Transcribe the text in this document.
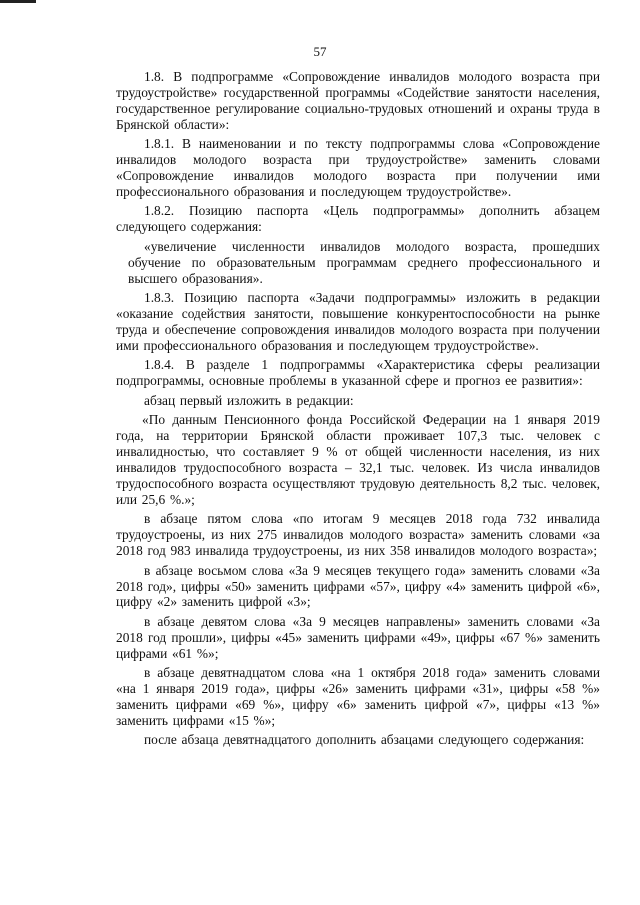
57

1.8. В подпрограмме «Сопровождение инвалидов молодого возраста при трудоустройстве» государственной программы «Содействие занятости населения, государственное регулирование социально-трудовых отношений и охраны труда в Брянской области»:

1.8.1. В наименовании и по тексту подпрограммы слова «Сопровождение инвалидов молодого возраста при трудоустройстве» заменить словами «Сопровождение инвалидов молодого возраста при получении ими профессионального образования и последующем трудоустройстве».

1.8.2. Позицию паспорта «Цель подпрограммы» дополнить абзацем следующего содержания:

«увеличение численности инвалидов молодого возраста, прошедших обучение по образовательным программам среднего профессионального и высшего образования».

1.8.3. Позицию паспорта «Задачи подпрограммы» изложить в редакции «оказание содействия занятости, повышение конкурентоспособности на рынке труда и обеспечение сопровождения инвалидов молодого возраста при получении ими профессионального образования и последующем трудоустройстве».

1.8.4. В разделе 1 подпрограммы «Характеристика сферы реализации подпрограммы, основные проблемы в указанной сфере и прогноз ее развития»:

абзац первый изложить в редакции:

«По данным Пенсионного фонда Российской Федерации на 1 января 2019 года, на территории Брянской области проживает 107,3 тыс. человек с инвалидностью, что составляет 9 % от общей численности населения, из них инвалидов трудоспособного возраста – 32,1 тыс. человек. Из числа инвалидов трудоспособного возраста осуществляют трудовую деятельность 8,2 тыс. человек, или 25,6 %.»;

в абзаце пятом слова «по итогам 9 месяцев 2018 года 732 инвалида трудоустроены, из них 275 инвалидов молодого возраста» заменить словами «за 2018 год 983 инвалида трудоустроены, из них 358 инвалидов молодого возраста»;

в абзаце восьмом слова «За 9 месяцев текущего года» заменить словами «За 2018 год», цифры «50» заменить цифрами «57», цифру «4» заменить цифрой «6», цифру «2» заменить цифрой «3»;

в абзаце девятом слова «За 9 месяцев направлены» заменить словами «За 2018 год прошли», цифры «45» заменить цифрами «49», цифры «67 %» заменить цифрами «61 %»;

в абзаце девятнадцатом слова «на 1 октября 2018 года» заменить словами «на 1 января 2019 года», цифры «26» заменить цифрами «31», цифры «58 %» заменить цифрами «69 %», цифру «6» заменить цифрой «7», цифры «13 %» заменить цифрами «15 %»;

после абзаца девятнадцатого дополнить абзацами следующего содержания:
